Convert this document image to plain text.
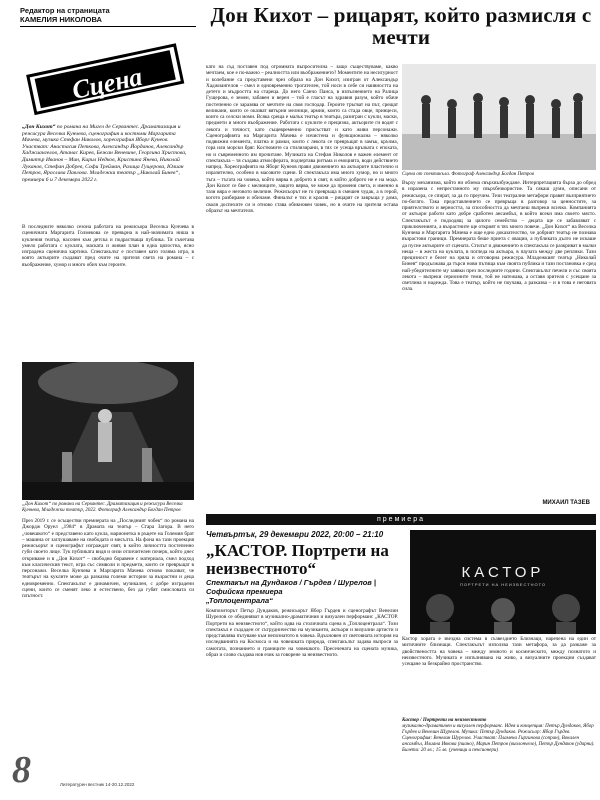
Редактор на страницата
КАМЕЛИЯ НИКОЛОВА
Сцена
Дон Кихот – рицарят, който размисля с мечти
„Дон Кихот“ по романа на Мигел де Сервантес. Драматизация и режисура Веселка Кунчева, сценография и костюми Маргарита Мачева, музика Стефан Николов, хореография Яборг Кунеов. Участват: Анастасия Петкова, Александър Йорданов, Александър Хаджиангелов, Атанас Кирев, Бежан Веневиче, Георгина Христова, Димитър Иванов – Мин, Кирил Недков, Кристина Янева, Николай Луканов, Стефан Добрев, Софи Трейман, Ралица Гущерова, Юлиан Петров, Ярослава Павлова. Младежки театър „Николай Бинев“, премиери 6 и 7 декември 2022 г.
В последните няколко сезона работата на режисьора Веселка Кунчева в сценичната Маргарита Голмекова се превърна в най-значимата ниша в кукления театър, насочен към детска и подрастваща публика. Тя съчетава умело работата с куклата, маската и живия план в една цялостна, ясно изградена сценична картина. Спектакълът е поставен като голяма игра, в която актьорите създават пред очите на зрителя света на романа – с въображение, хумор и много обич към героите.
„Дон Кихот“ по романа на Сервантес. Драматизация и режисура Веселка Кунчева, Младежки театър, 2022. Фотограф Александър Богдан Петров
През 2019 г. се осъществи премиерата на „Последният чобек“ по романа на Джордж Оруел „1984“ в Драмата на театър – Стара Загора. В него „човешкото“ е представено като кукла, марионетка в ръцете на Големия брат – машина от заглушаване на свободата и мисълта. На фона на тази проекция режисьорът и сценографът изграждат свят, в който личността постепенно губи своето лице. Тук публиката видя и онзи отличителен почерк, който днес откриваме и в „Дон Кихот“ – свободно боравене с материала, смел подход към класическия текст, игра със символи и предмети, които се превръщат в персонажи. Веселка Кунчева и Маргарита Мачева отново показват, че театърът на куклите може да разказва големи истории за възрастни и деца едновременно. Спектакълът е динамичен, музикален, с добре изградени сцени, които се сменят леко и естествено, без да губят смисловата си плътност.
като на съд поставен под огромната въпросителна – защо съществуваме, какво мечтаем, кое е по-важно – реалността или въображението? Моментите на несигурност и колебание са представени чрез образа на Дон Кихот, изигран от Александър Хаджиангелов – смел и едновременно трогателен, той носи в себе си наивността на детето и мъдростта на стареца. До него Санчо Панса, в изпълнението на Ралица Гущерова, е земен, забавен и верен – той е гласът на здравия разум, който обаче постепенно се заразява от мечтите на своя господар. Героите тръгват на път, срещат великани, които се оказват вятърни мелници, армии, които са стада овце, принцеси, които са селски моми. Всяка среща е малък театър в театъра, разигран с кукли, маски, предмети и много въображение. Работата с куклите е прецизна, актьорите ги водят с лекота и точност, като същевременно присъстват и като живи персонажи. Сценографията на Маргарита Мачева е изчистена и функционална – няколко подвижни елемента, платна и рамки, които с лекота се превръщат в замък, кръчма, гора или морски бряг. Костюмите са стилизирани, в тях се усеща връзката с епохата, но и съвременното им прочитане. Музиката на Стефан Николов е важен елемент от спектакъла – тя създава атмосферата, подчертава ритъма и емоцията, води действието напред. Хореографията на Яборг Кунеов прави движението на актьорите пластично и изразително, особено в масовите сцени. В спектакъла има много хумор, но и много тъга – тъгата на човека, който вярва в доброто в свят, в който доброто не е на мода. Дон Кихот се бие с мелниците, защото вярва, че може да промени света, и именно в тази вяра е неговото величие. Режисьорът не го превръща в смешен чудак, а в герой, когото разбираме и обичаме. Финалът е тих и красив – рицарят се завръща у дома, сваля доспехите си и отново става обикновен човек, но в очите на зрителя остава образът на мечтателя.
Сцена от спектакъла. Фотограф Александър Богдан Петров
Върху механизма, който ни обзема свърхвъзбуждане. Интерпретацията бърза до обред в изразена с непрестанното му свърхбезкористие. Та сякаш думи, описани от режисьора, се спират, за да го преучим. Тези театрални метафори правят възприятието по-богато. Така представлението се превръща в разговор за ценностите, за приятелството и верността, за способността да мечтаеш въпреки всичко. Компанията от актьори работи като добре сработен ансамбъл, в който всеки има своето място. Спектакълът е подходящ за цялото семейство – децата ще се забавляват с приключенията, а възрастните ще открият в тях много повече. „Дон Кихот“ на Веселка Кунчева и Маргарита Мачева е още едно доказателство, че добрият театър не познава възрастови граници. Премиерата беше приета с овации, а публиката дълго не искаше да пусне актьорите от сцената. Стилът и движението в спектакъла се разкриват в малки неща – в жеста на куклата, в погледа на актьора, в паузата между две реплики. Тази прецизност е белег на зряла и отговорна режисура. Младежкият театър „Николай Бинев“ продължава да търси нови пътища към своята публика и тази постановка е сред най-убедителните му заявки през последните години. Спектакълът печели и със своята лекота – въпреки сериозните теми, той не натежава, а оставя зрителя с усещане за светлина и надежда. Това е театър, който не поучава, а разказва – и в това е неговата сила.
МИХАИЛ ТАЗЕВ
премиера
Четвъртък, 29 декември 2022, 20:00 – 21:10
„КАСТОР. Портрети на неизвестното“
Спектакъл на Дундаков / Гърдев / Шурелов | Софийска премиера
„Топлоцентрала“
Композиторът Петър Дундаков, режисьорът Ябор Гърдев и сценографът Венелин Шурелов се обединяват в музикално-драматичния и визуален перформанс „КАСТОР. Портрети на неизвестното“, който идва на столичната сцена в „Топлоцентрала“. Този спектакъл е създаден от сътрудничество на музиканти, актьори и визуални артисти и представлява пътуване към непознатото в човека. Вдъхновен от световната история на изследванията на Космоса и на човешката природа, спектакълът задава въпроси за самотата, познанието и границите на човешкото. Пресечената на сцената музика, образ и слово създава нов език за говорене за неизвестното.
КАСТОР
ПОРТРЕТИ НА НЕИЗВЕСТНОТО
Кастор хората е звездна система в съзвездието Близнаци, наречена на един от митичните близнаци. Спектакълът използва тази метафора, за да разкаже за двойствеността на човека – между земното и космическото, между познатото и неизвестното. Музиката е изпълнявана на живо, а визуалните проекции създават усещане за безкрайно пространство.
Кастор / Портрети на неизвестното
музикално-драматичен и визуален перформанс. Идея и концепция: Петър Дундаков, Ябор Гърдев и Венелин Шурелов. Музика: Петър Дундаков. Режисьор: Ябор Гърдев. Сценография: Венелин Шурелов. Участват: Пламена Гиргинова (сопран), Вокален ансамбъл, Илиана Ивкова (пиано), Марин Петров (виолончело), Петър Дундаков (ударни). Билети: 20 лв.; 15 лв. (ученици и пенсионери)
8	Литературен вестник 14-20.12.2022
